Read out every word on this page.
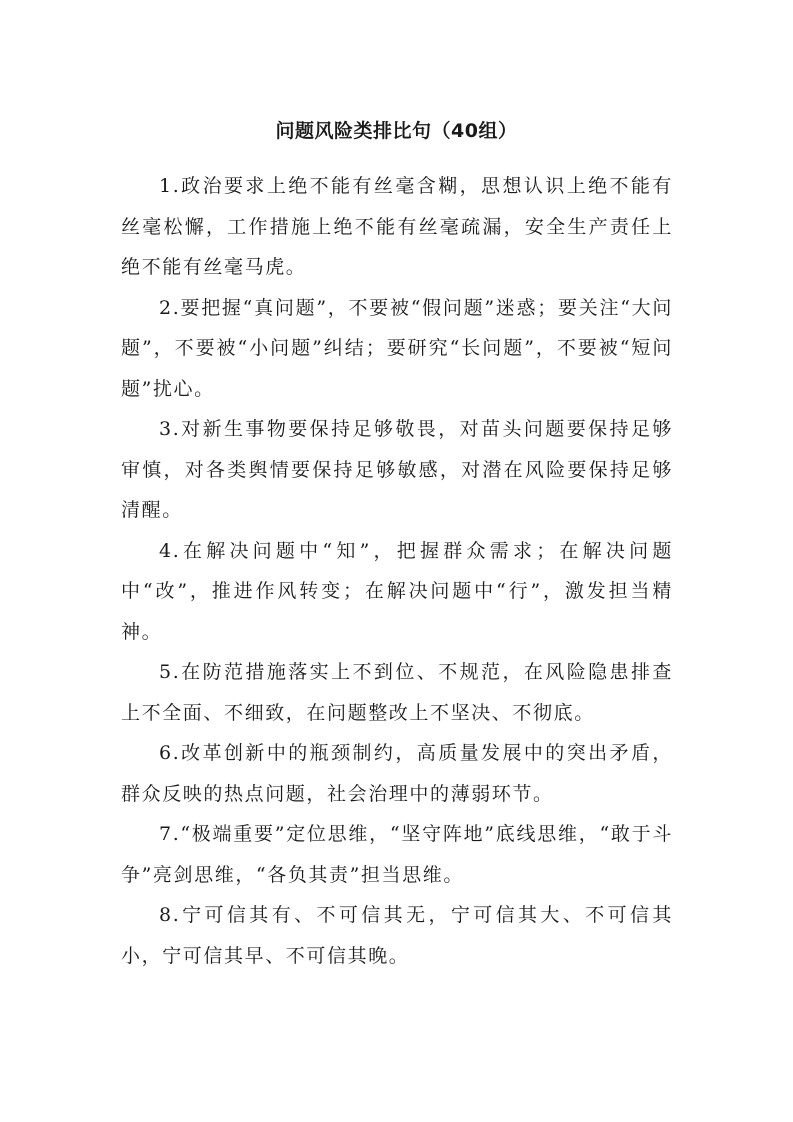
问题风险类排比句（40组）

1.政治要求上绝不能有丝毫含糊，思想认识上绝不能有丝毫松懈，工作措施上绝不能有丝毫疏漏，安全生产责任上绝不能有丝毫马虎。

2.要把握“真问题”，不要被“假问题”迷惑；要关注“大问题”，不要被“小问题”纠结；要研究“长问题”，不要被“短问题”扰心。

3.对新生事物要保持足够敬畏，对苗头问题要保持足够审慎，对各类舆情要保持足够敏感，对潜在风险要保持足够清醒。

4.在解决问题中“知”，把握群众需求；在解决问题中“改”，推进作风转变；在解决问题中“行”，激发担当精神。

5.在防范措施落实上不到位、不规范，在风险隐患排查上不全面、不细致，在问题整改上不坚决、不彻底。

6.改革创新中的瓶颈制约，高质量发展中的突出矛盾，群众反映的热点问题，社会治理中的薄弱环节。

7.“极端重要”定位思维，“坚守阵地”底线思维，“敢于斗争”亮剑思维，“各负其责”担当思维。

8.宁可信其有、不可信其无，宁可信其大、不可信其小，宁可信其早、不可信其晚。
